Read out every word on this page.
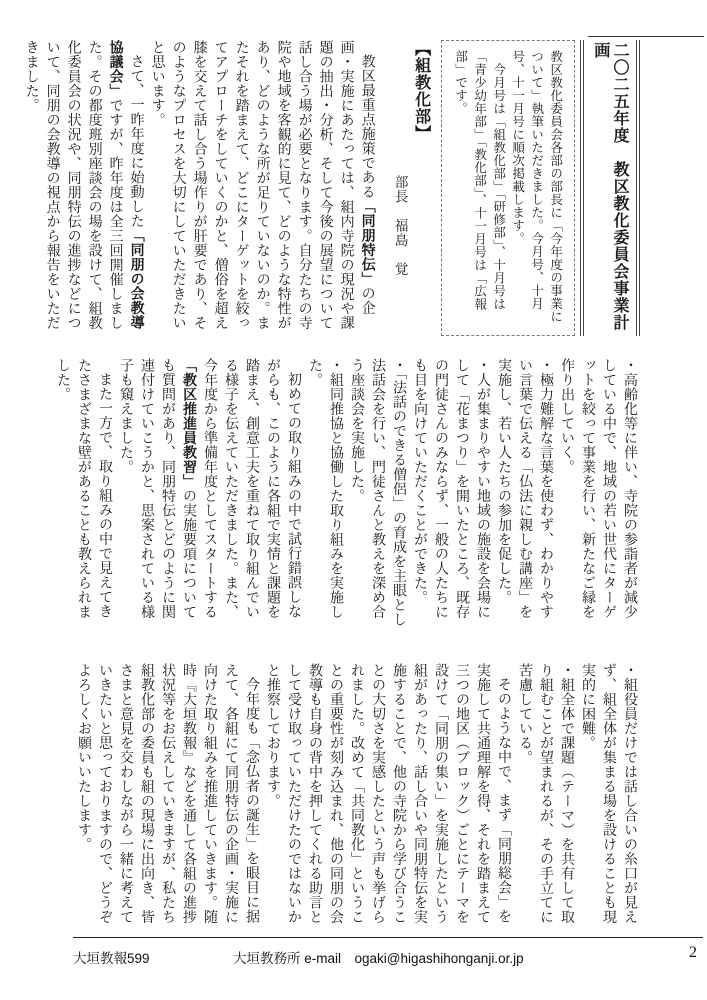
二〇二五年度　教区教化委員会事業計画

教区教化委員会各部の部長に「今年度の事業について」執筆いただきました。今月号、十月号、十一月号に順次掲載します。

今月号は「組教化部」「研修部」、十月号は「青少幼年部」「教化部」、十一月号は「広報部」です。

【組教化部】

部長　福島　覚

教区最重点施策である「同朋特伝」の企画・実施にあたっては、組内寺院の現況や課題の抽出・分析、そして今後の展望について話し合う場が必要となります。自分たちの寺院や地域を客観的に見て、どのような特性があり、どのような所が足りていないのか。またそれを踏まえて、どこにターゲットを絞ってアプローチをしていくのかと、僧俗を超え膝を交えて話し合う場作りが肝要であり、そのようなプロセスを大切にしていただきたいと思います。

さて、一昨年度に始動した「同朋の会教導協議会」ですが、昨年度は全三回開催しました。その都度班別座談会の場を設けて、組教化委員会の状況や、同朋特伝の進捗などについて、同朋の会教導の視点から報告をいただきました。

・高齢化等に伴い、寺院の参詣者が減少している中で、地域の若い世代にターゲットを絞って事業を行い、新たなご縁を作り出していく。

・極力難解な言葉を使わず、わかりやすい言葉で伝える「仏法に親しむ講座」を実施し、若い人たちの参加を促した。

・人が集まりやすい地域の施設を会場にして「花まつり」を開いたところ、既存の門徒さんのみならず、一般の人たちにも目を向けていただくことができた。

・「法話のできる僧侶」の育成を主眼とし法話会を行い、門徒さんと教えを深め合う座談会を実施した。

・組同推協と協働した取り組みを実施した。

初めての取り組みの中で試行錯誤しながらも、このように各組で実情と課題を踏まえ、創意工夫を重ねて取り組んでいる様子を伝えていただきました。また、今年度から準備年度としてスタートする「教区推進員教習」の実施要項についても質問があり、同朋特伝とどのように関連付けていこうかと、思案されている様子も窺えました。

また一方で、取り組みの中で見えてきたさまざまな壁があることも教えられました。

・組役員だけでは話し合いの糸口が見えず、組全体が集まる場を設けることも現実的に困難。

・組全体で課題（テーマ）を共有して取り組むことが望まれるが、その手立てに苦慮している。

そのような中で、まず「同朋総会」を実施して共通理解を得、それを踏まえて三つの地区（ブロック）ごとにテーマを設けて「同朋の集い」を実施したという組があったり、話し合いや同朋特伝を実施することで、他の寺院から学び合うことの大切さを実感したという声も挙げられました。改めて「共同教化」ということの重要性が刻み込まれ、他の同朋の会教導も自身の背中を押してくれる助言として受け取っていただけたのではないかと推察しております。

今年度も「念仏者の誕生」を眼目に据えて、各組にて同朋特伝の企画・実施に向けた取り組みを推進していきます。随時『大垣教報』などを通して各組の進捗状況等をお伝えしていきますが、私たち組教化部の委員も組の現場に出向き、皆さまと意見を交わしながら一緒に考えていきたいと思っておりますので、どうぞよろしくお願いいたします。

大垣教報599	大垣教務所 e-mail　ogaki@higashihonganji.or.jp	2
